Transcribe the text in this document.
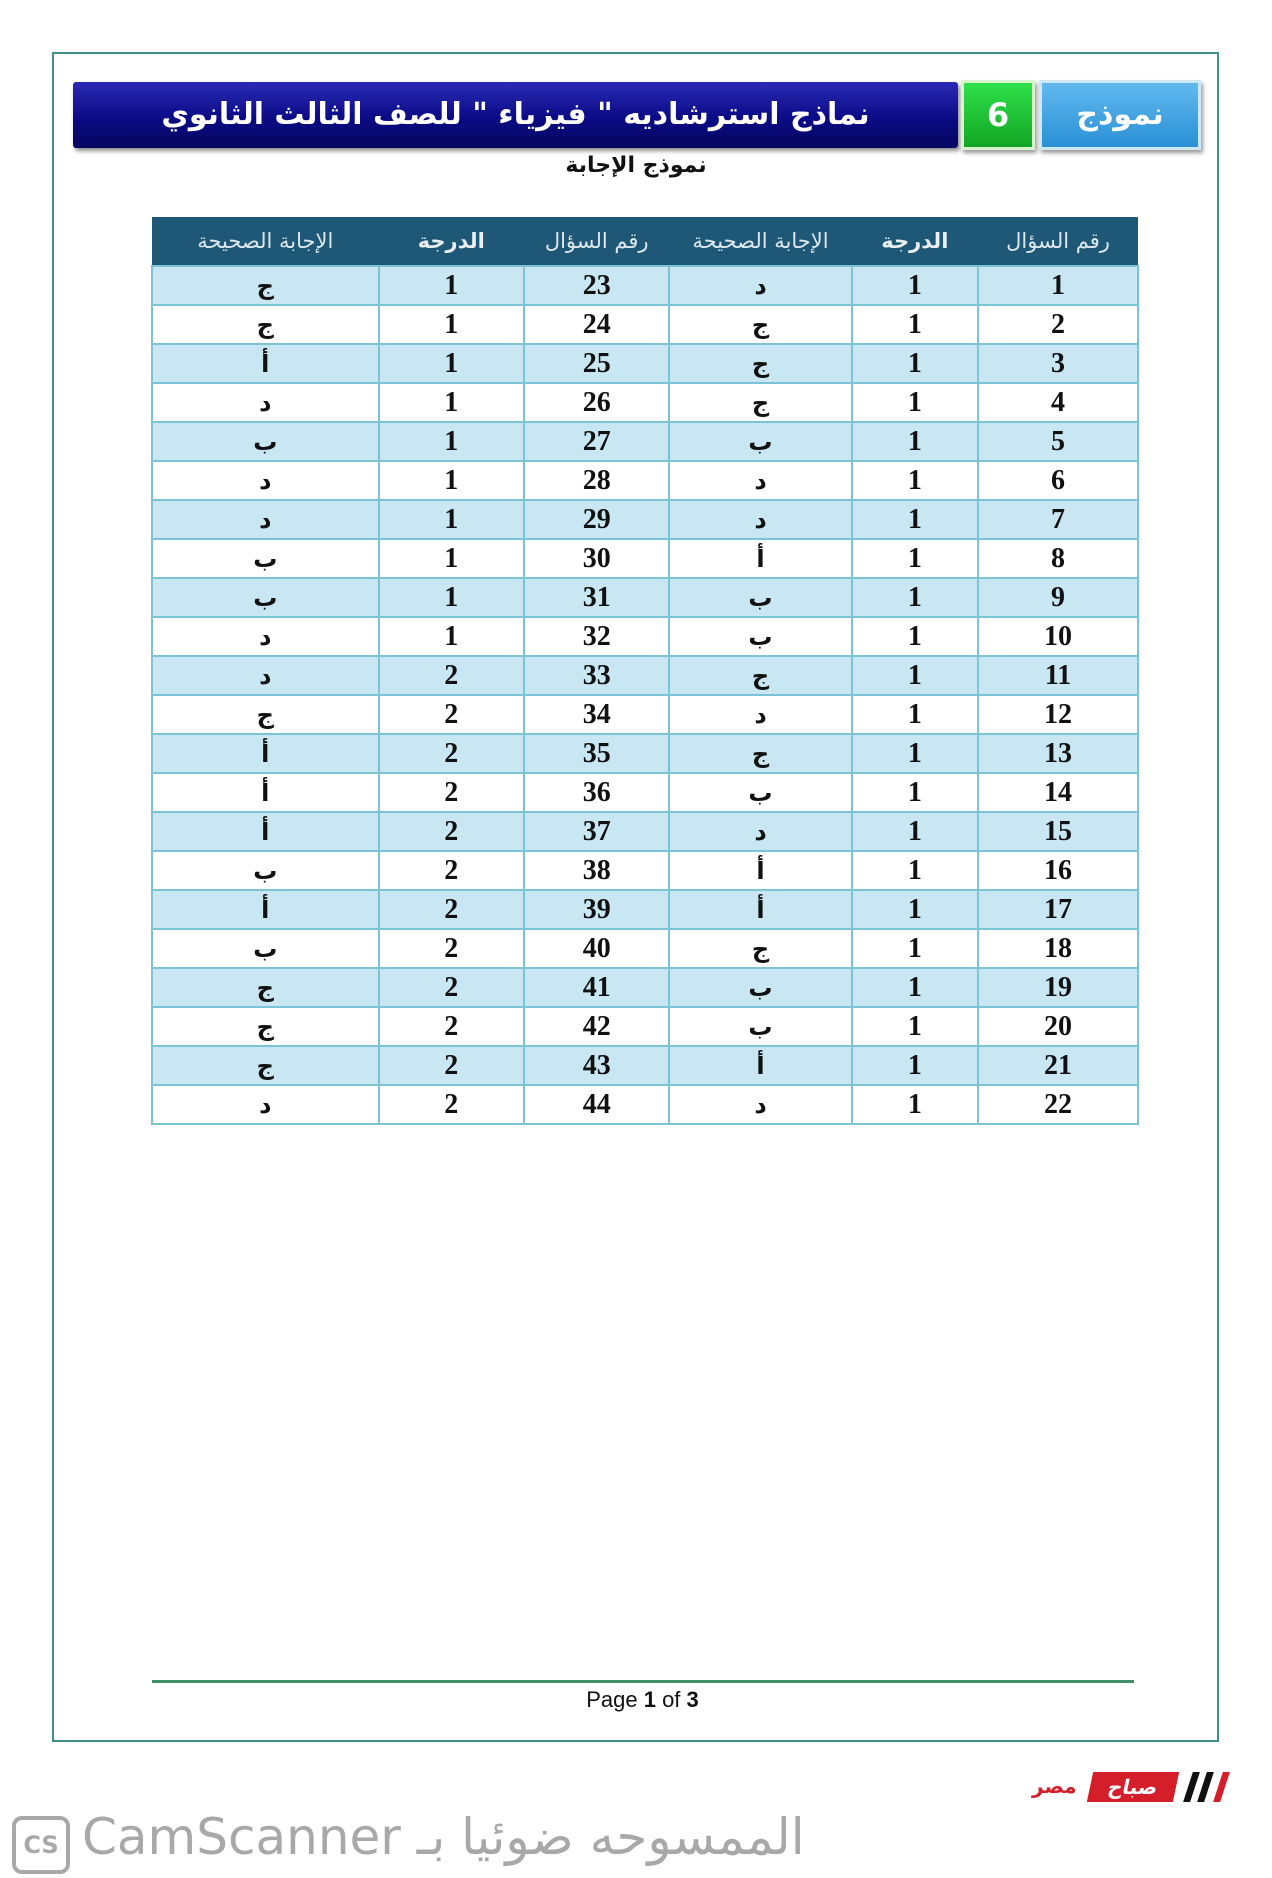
نماذج استرشاديه " فيزياء " للصف الثالث الثانوي	6	نموذج
نموذج الإجابة
رقم السؤال	الدرجة	الإجابة الصحيحة	رقم السؤال	الدرجة	الإجابة الصحيحة
1	1	د	23	1	ج
2	1	ج	24	1	ج
3	1	ج	25	1	أ
4	1	ج	26	1	د
5	1	ب	27	1	ب
6	1	د	28	1	د
7	1	د	29	1	د
8	1	أ	30	1	ب
9	1	ب	31	1	ب
10	1	ب	32	1	د
11	1	ج	33	2	د
12	1	د	34	2	ج
13	1	ج	35	2	أ
14	1	ب	36	2	أ
15	1	د	37	2	أ
16	1	أ	38	2	ب
17	1	أ	39	2	أ
18	1	ج	40	2	ب
19	1	ب	41	2	ج
20	1	ب	42	2	ج
21	1	أ	43	2	ج
22	1	د	44	2	د
Page 1 of 3
مصر	صباح
CS الممسوحه ضوئيا بـ CamScanner
